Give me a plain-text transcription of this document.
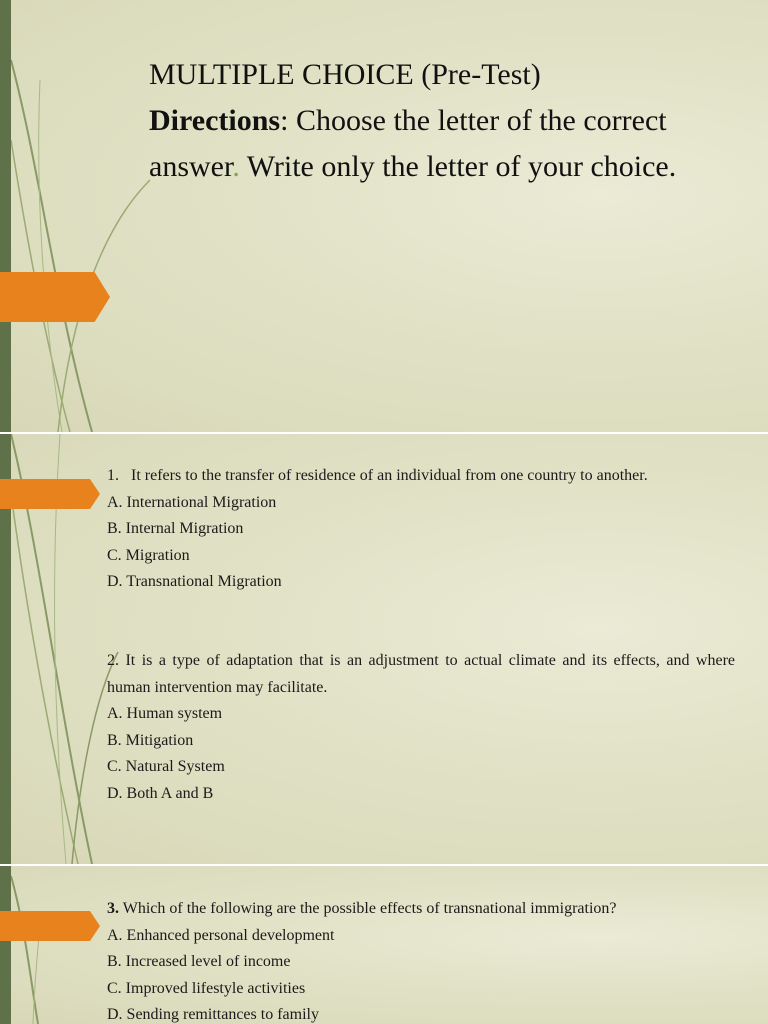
MULTIPLE CHOICE (Pre-Test)
Directions: Choose the letter of the correct answer. Write only the letter of your choice.
1.   It refers to the transfer of residence of an individual from one country to another.
A. International Migration
B. Internal Migration
C. Migration
D. Transnational Migration
2. It is a type of adaptation that is an adjustment to actual climate and its effects, and where human intervention may facilitate.
A. Human system
B. Mitigation
C. Natural System
D. Both A and B
3. Which of the following are the possible effects of transnational immigration?
A. Enhanced personal development
B. Increased level of income
C. Improved lifestyle activities
D. Sending remittances to family
